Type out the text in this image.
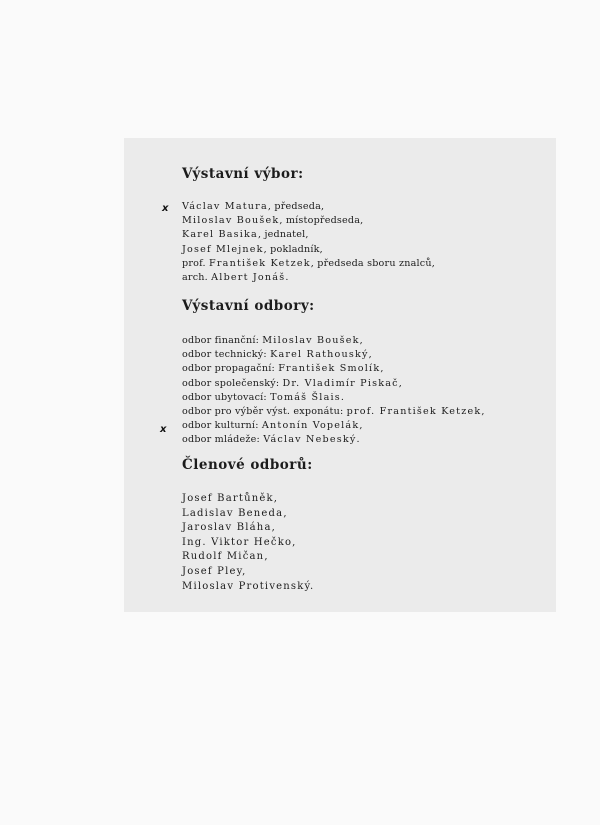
Výstavní výbor:
x Václav Matura, předseda,
Miloslav Boušek, místopředseda,
Karel Basika, jednatel,
Josef Mlejnek, pokladník,
prof. František Ketzek, předseda sboru znalců,
arch. Albert Jonáš.
Výstavní odbory:
x
odbor finanční: Miloslav Boušek,
odbor technický: Karel Rathouský,
odbor propagační: František Smolík,
odbor společenský: Dr. Vladimír Piskač,
odbor ubytovací: Tomáš Šlais.
odbor pro výběr výst. exponátu: prof. František Ketzek,
odbor kulturní: Antonín Vopelák,
odbor mládeže: Václav Nebeský.
Členové odborů:
Josef Bartůněk,
Ladislav Beneda,
Jaroslav Bláha,
Ing. Viktor Hečko,
Rudolf Mičan,
Josef Pley,
Miloslav Protivenský.
